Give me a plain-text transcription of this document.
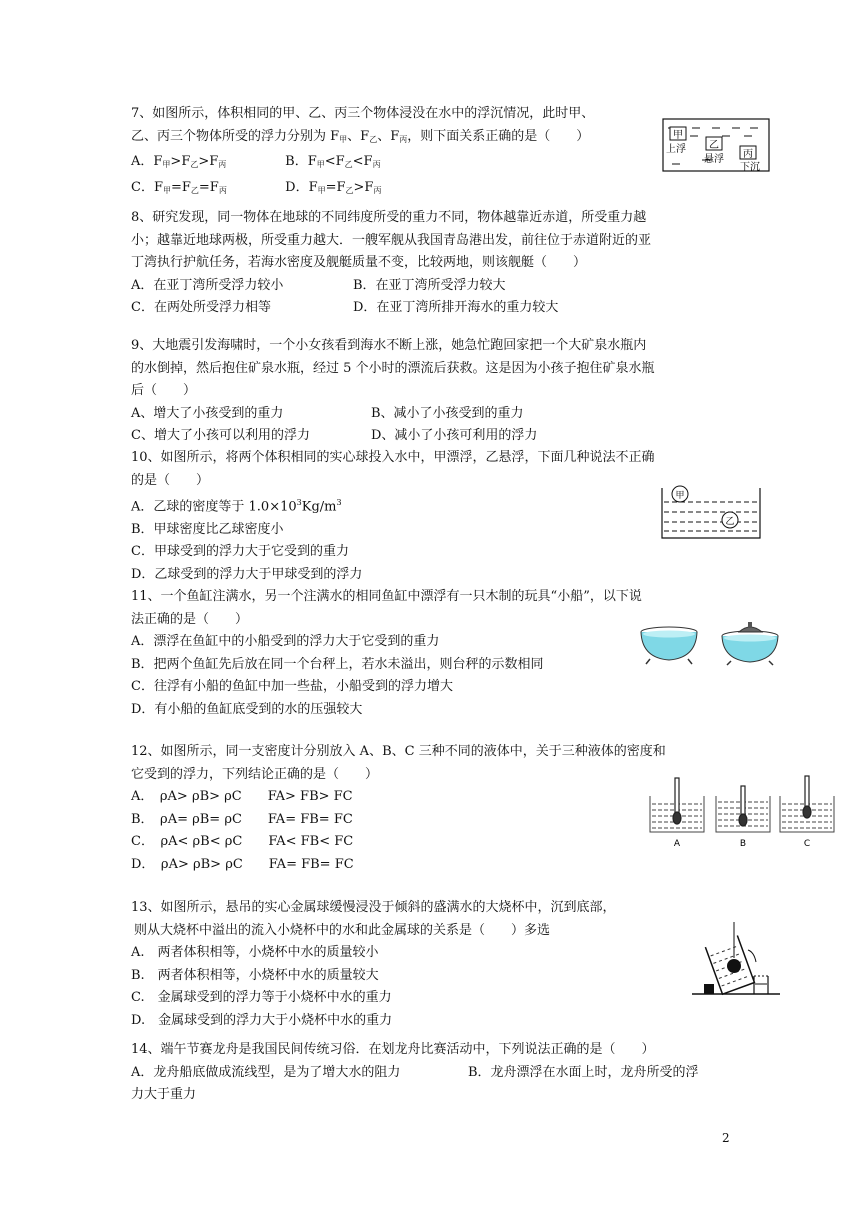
7、如图所示，体积相同的甲、乙、丙三个物体浸没在水中的浮沉情况，此时甲、
乙、丙三个物体所受的浮力分别为 $F_甲$、$F_乙$、$F_丙$，则下面关系正确的是（　　）
A．$F_甲>F_乙>F_丙$	B．$F_甲<F_乙<F_丙$
C．$F_甲=F_乙=F_丙$	D．$F_甲=F_乙>F_丙$
甲
乙
丙
上浮
悬浮
下沉
8、研究发现，同一物体在地球的不同纬度所受的重力不同，物体越靠近赤道，所受重力越
小；越靠近地球两极，所受重力越大．一艘军舰从我国青岛港出发，前往位于赤道附近的亚
丁湾执行护航任务，若海水密度及舰艇质量不变，比较两地，则该舰艇（　　）
A．在亚丁湾所受浮力较小	B．在亚丁湾所受浮力较大
C．在两处所受浮力相等	D．在亚丁湾所排开海水的重力较大
9、大地震引发海啸时，一个小女孩看到海水不断上涨，她急忙跑回家把一个大矿泉水瓶内
的水倒掉，然后抱住矿泉水瓶，经过 5 个小时的漂流后获救。这是因为小孩子抱住矿泉水瓶
后（　　）
A、增大了小孩受到的重力	B、减小了小孩受到的重力
C、增大了小孩可以利用的浮力	D、减小了小孩可利用的浮力
10、如图所示，将两个体积相同的实心球投入水中，甲漂浮，乙悬浮，下面几种说法不正确
的是（　　）
A．乙球的密度等于 $1.0\times 10^3Kg/m^3$
B．甲球密度比乙球密度小
C．甲球受到的浮力大于它受到的重力
D．乙球受到的浮力大于甲球受到的浮力
甲
乙
11、一个鱼缸注满水，另一个注满水的相同鱼缸中漂浮有一只木制的玩具“小船”，以下说
法正确的是（　　）
A．漂浮在鱼缸中的小船受到的浮力大于它受到的重力
B．把两个鱼缸先后放在同一个台秤上，若水未溢出，则台秤的示数相同
C．往浮有小船的鱼缸中加一些盐，小船受到的浮力增大
D．有小船的鱼缸底受到的水的压强较大
12、如图所示，同一支密度计分别放入 A、B、C 三种不同的液体中，关于三种液体的密度和
它受到的浮力，下列结论正确的是（　　）
A．　ρA> ρB> ρC　　FA> FB> FC
B．　ρA= ρB= ρC　　FA= FB= FC
C．　ρA< ρB< ρC　　FA< FB< FC
D．　ρA> ρB> ρC　　FA= FB= FC
A	B	C
13、如图所示，悬吊的实心金属球缓慢浸没于倾斜的盛满水的大烧杯中，沉到底部，
则从大烧杯中溢出的流入小烧杯中的水和此金属球的关系是（　　）多选
A.　两者体积相等，小烧杯中水的质量较小
B.　两者体积相等，小烧杯中水的质量较大
C.　金属球受到的浮力等于小烧杯中水的重力
D.　金属球受到的浮力大于小烧杯中水的重力
14、端午节赛龙舟是我国民间传统习俗．在划龙舟比赛活动中，下列说法正确的是（　　）
A．龙舟船底做成流线型，是为了增大水的阻力	B．龙舟漂浮在水面上时，龙舟所受的浮
力大于重力
2
